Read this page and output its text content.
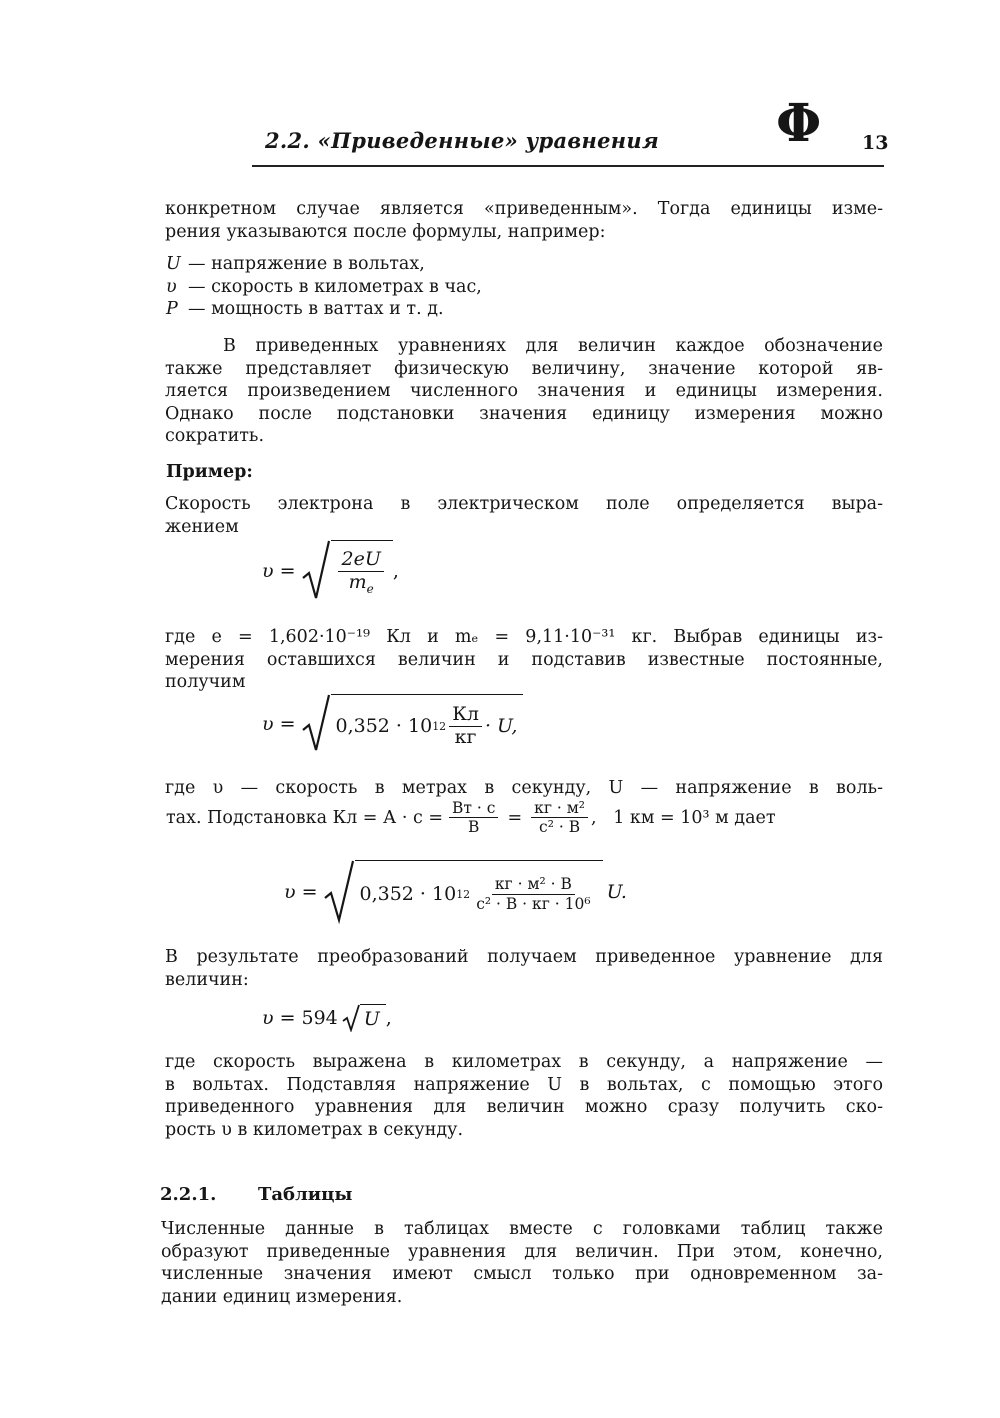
2.2. «Приведенные» уравнения Φ 13
конкретном случае является «приведенным». Тогда единицы изме-
рения указываются после формулы, например:
U — напряжение в вольтах,
υ — скорость в километрах в час,
P — мощность в ваттах и т. д.
В приведенных уравнениях для величин каждое обозначение
также представляет физическую величину, значение которой яв-
ляется произведением численного значения и единицы измерения.
Однако после подстановки значения единицу измерения можно
сократить.
Пример:
Скорость электрона в электрическом поле определяется выра-
жением
$\upsilon = \frac{2eU}{m_e}$ ,
где e = 1,602·10⁻¹⁹ Кл и mₑ = 9,11·10⁻³¹ кг. Выбрав единицы из-
мерения оставшихся величин и подставив известные постоянные,
получим
υ = 0,352 · 10 $12 \frac{Кл}{кг} \cdot U$,
где υ — скорость в метрах в секунду, U — напряжение в воль-
тах. Подстановка Кл = $А \cdot с = \frac{Вт \cdot с}{В} = \frac{\text{кг · м²}}{\text{с² · В}}$ ,   1 км = 10³ м дает
υ = 0,352 · 10 $12 \frac{\text{кг · м² · В}}{\text{с² · В · кг · 10⁶}} U$.
В результате преобразований получаем приведенное уравнение для
величин:
υ = 594 U ,
где скорость выражена в километрах в секунду, а напряжение —
в вольтах. Подставляя напряжение U в вольтах, с помощью этого
приведенного уравнения для величин можно сразу получить ско-
рость υ в километрах в секунду.
2.2.1. Таблицы
Численные данные в таблицах вместе с головками таблиц также
образуют приведенные уравнения для величин. При этом, конечно,
численные значения имеют смысл только при одновременном за-
дании единиц измерения.
